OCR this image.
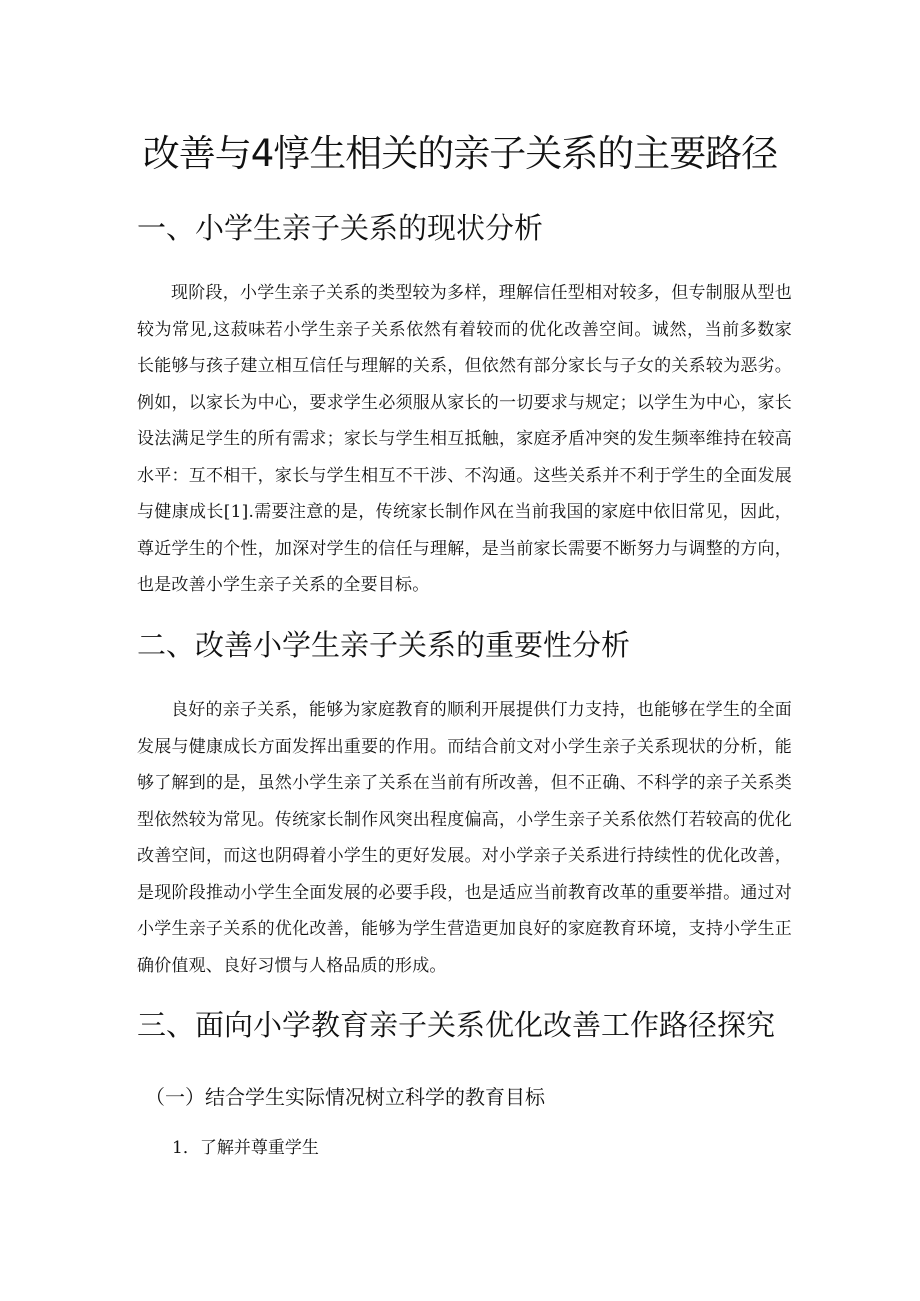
改善与4惇生相关的亲子关系的主要路径
一、小学生亲子关系的现状分析

现阶段，小学生亲子关系的类型较为多样，理解信任型相对较多，但专制服从型也较为常见,这菽味若小学生亲子关系依然有着较而的优化改善空间。诚然，当前多数家长能够与孩子建立相互信任与理解的关系，但依然有部分家长与子女的关系较为恶劣。例如，以家长为中心，要求学生必须服从家长的一切要求与规定；以学生为中心，家长设法满足学生的所有需求；家长与学生相互抵触，家庭矛盾冲突的发生频率维持在较高水平：互不相干，家长与学生相互不干涉、不沟通。这些关系并不利于学生的全面发展与健康成长[1].需要注意的是，传统家长制作风在当前我国的家庭中依旧常见，因此，尊近学生的个性，加深对学生的信任与理解，是当前家长需要不断努力与调整的方向，也是改善小学生亲子关系的全要目标。

二、改善小学生亲子关系的重要性分析

良好的亲子关系，能够为家庭教育的顺利开展提供仃力支持，也能够在学生的全面发展与健康成长方面发挥出重要的作用。而结合前文对小学生亲子关系现状的分析，能够了解到的是，虽然小学生亲了关系在当前有所改善，但不正确、不科学的亲子关系类型依然较为常见。传统家长制作风突出程度偏高，小学生亲子关系依然仃若较高的优化改善空间，而这也阴碍着小学生的更好发展。对小学亲子关系进行持续性的优化改善，是现阶段推动小学生全面发展的必要手段，也是适应当前教育改革的重要举措。通过对小学生亲子关系的优化改善，能够为学生营造更加良好的家庭教育环境，支持小学生正确价值观、良好习惯与人格品质的形成。

三、面向小学教育亲子关系优化改善工作路径探究
（一）结合学生实际情况树立科学的教育目标

1．了解并尊重学生
